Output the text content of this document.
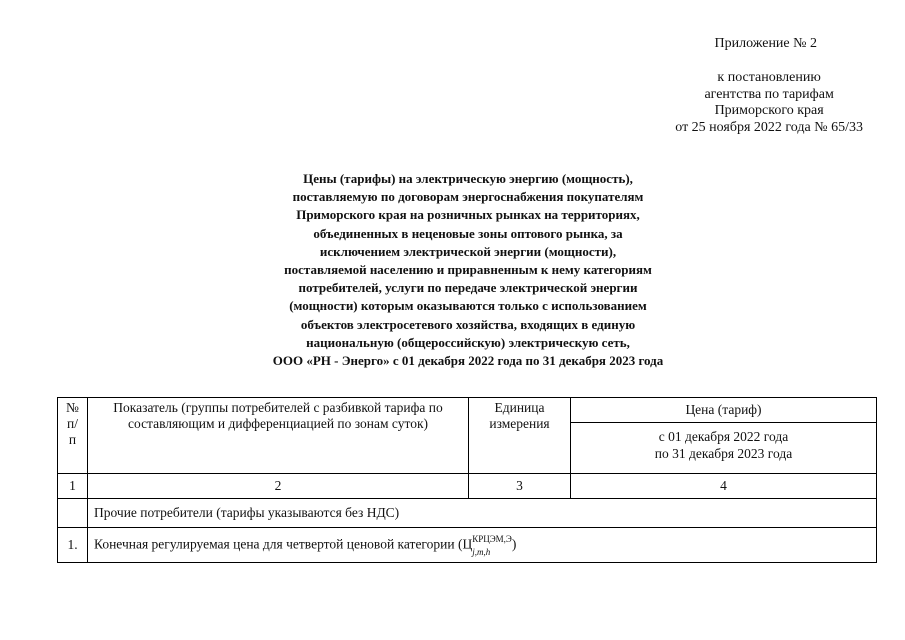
Приложение № 2
к постановлению
агентства по тарифам
Приморского края
от 25 ноября 2022 года № 65/33
Цены (тарифы) на электрическую энергию (мощность),
поставляемую по договорам энергоснабжения покупателям
Приморского края на розничных рынках на территориях,
объединенных в неценовые зоны оптового рынка, за
исключением электрической энергии (мощности),
поставляемой населению и приравненным к нему категориям
потребителей, услуги по передаче электрической энергии
(мощности) которым оказываются только с использованием
объектов электросетевого хозяйства, входящих в единую
национальную (общероссийскую) электрическую сеть,
ООО «РН - Энерго» с 01 декабря 2022 года по 31 декабря 2023 года
№
п/п	Показатель (группы потребителей с разбивкой тарифа по составляющим и дифференциацией по зонам суток)	Единица измерения	Цена (тариф)

			с 01 декабря 2022 года
по 31 декабря 2023 года

1	2	3	4
	Прочие потребители (тарифы указываются без НДС)		
1.	Конечная регулируемая цена для четвертой ценовой категории (Ц КРЦЭМ,Э
j,m,h
)		
